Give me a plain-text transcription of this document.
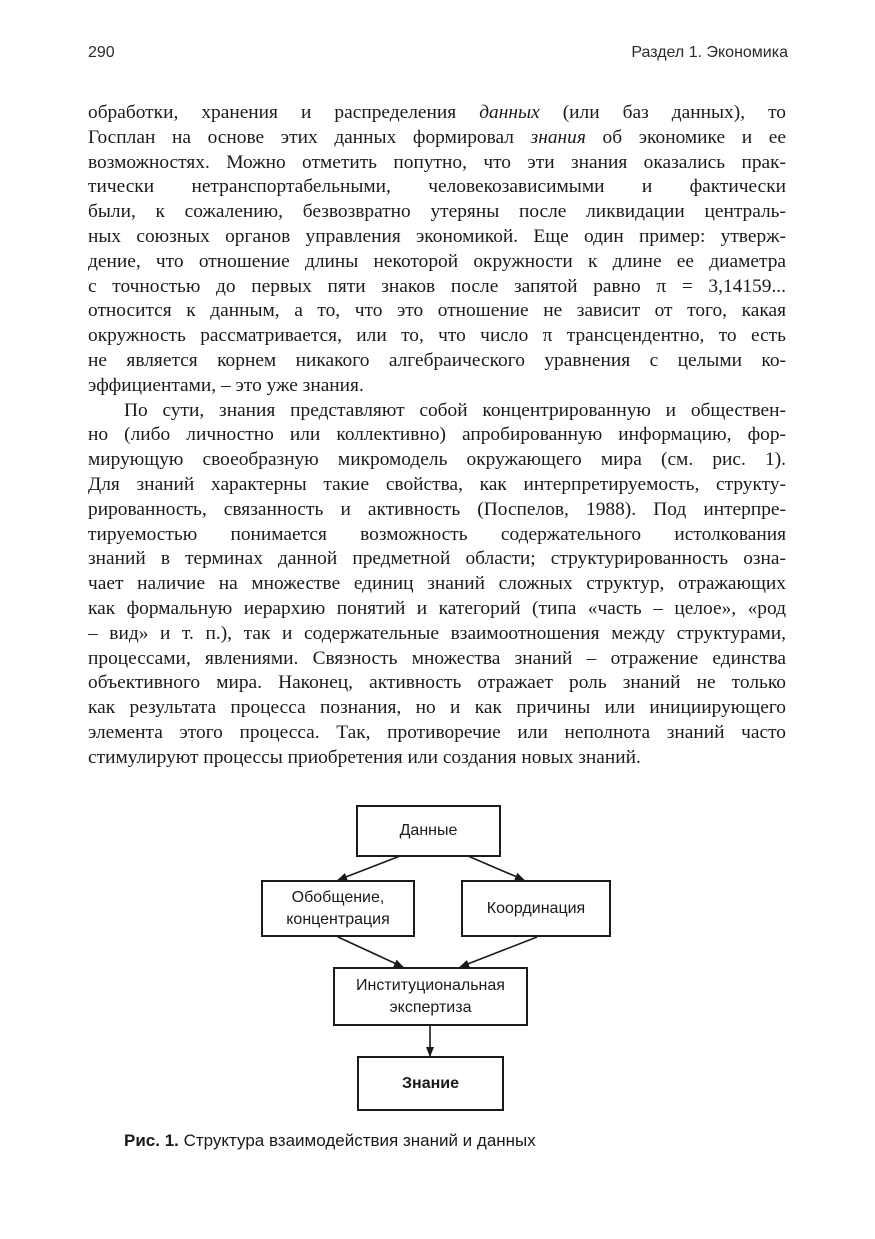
290	Раздел 1. Экономика
обработки, хранения и распределения данных (или баз данных), то
Госплан на основе этих данных формировал знания об экономике и ее
возможностях. Можно отметить попутно, что эти знания оказались прак-
тически нетранспортабельными, человекозависимыми и фактически
были, к сожалению, безвозвратно утеряны после ликвидации централь-
ных союзных органов управления экономикой. Еще один пример: утверж-
дение, что отношение длины некоторой окружности к длине ее диаметра
с точностью до первых пяти знаков после запятой равно π = 3,14159...
относится к данным, а то, что это отношение не зависит от того, какая
окружность рассматривается, или то, что число π трансцендентно, то есть
не является корнем никакого алгебраического уравнения с целыми ко-
эффициентами, – это уже знания.
По сути, знания представляют собой концентрированную и обществен-
но (либо личностно или коллективно) апробированную информацию, фор-
мирующую своеобразную микромодель окружающего мира (см. рис. 1).
Для знаний характерны такие свойства, как интерпретируемость, структу-
рированность, связанность и активность (Поспелов, 1988). Под интерпре-
тируемостью понимается возможность содержательного истолкования
знаний в терминах данной предметной области; структурированность озна-
чает наличие на множестве единиц знаний сложных структур, отражающих
как формальную иерархию понятий и категорий (типа «часть – целое», «род
– вид» и т. п.), так и содержательные взаимоотношения между структурами,
процессами, явлениями. Связность множества знаний – отражение единства
объективного мира. Наконец, активность отражает роль знаний не только
как результата процесса познания, но и как причины или инициирующего
элемента этого процесса. Так, противоречие или неполнота знаний часто
стимулируют процессы приобретения или создания новых знаний.
Данные
Обобщение,
концентрация
Координация
Институциональная
экспертиза
Знание
Рис. 1. Структура взаимодействия знаний и данных
